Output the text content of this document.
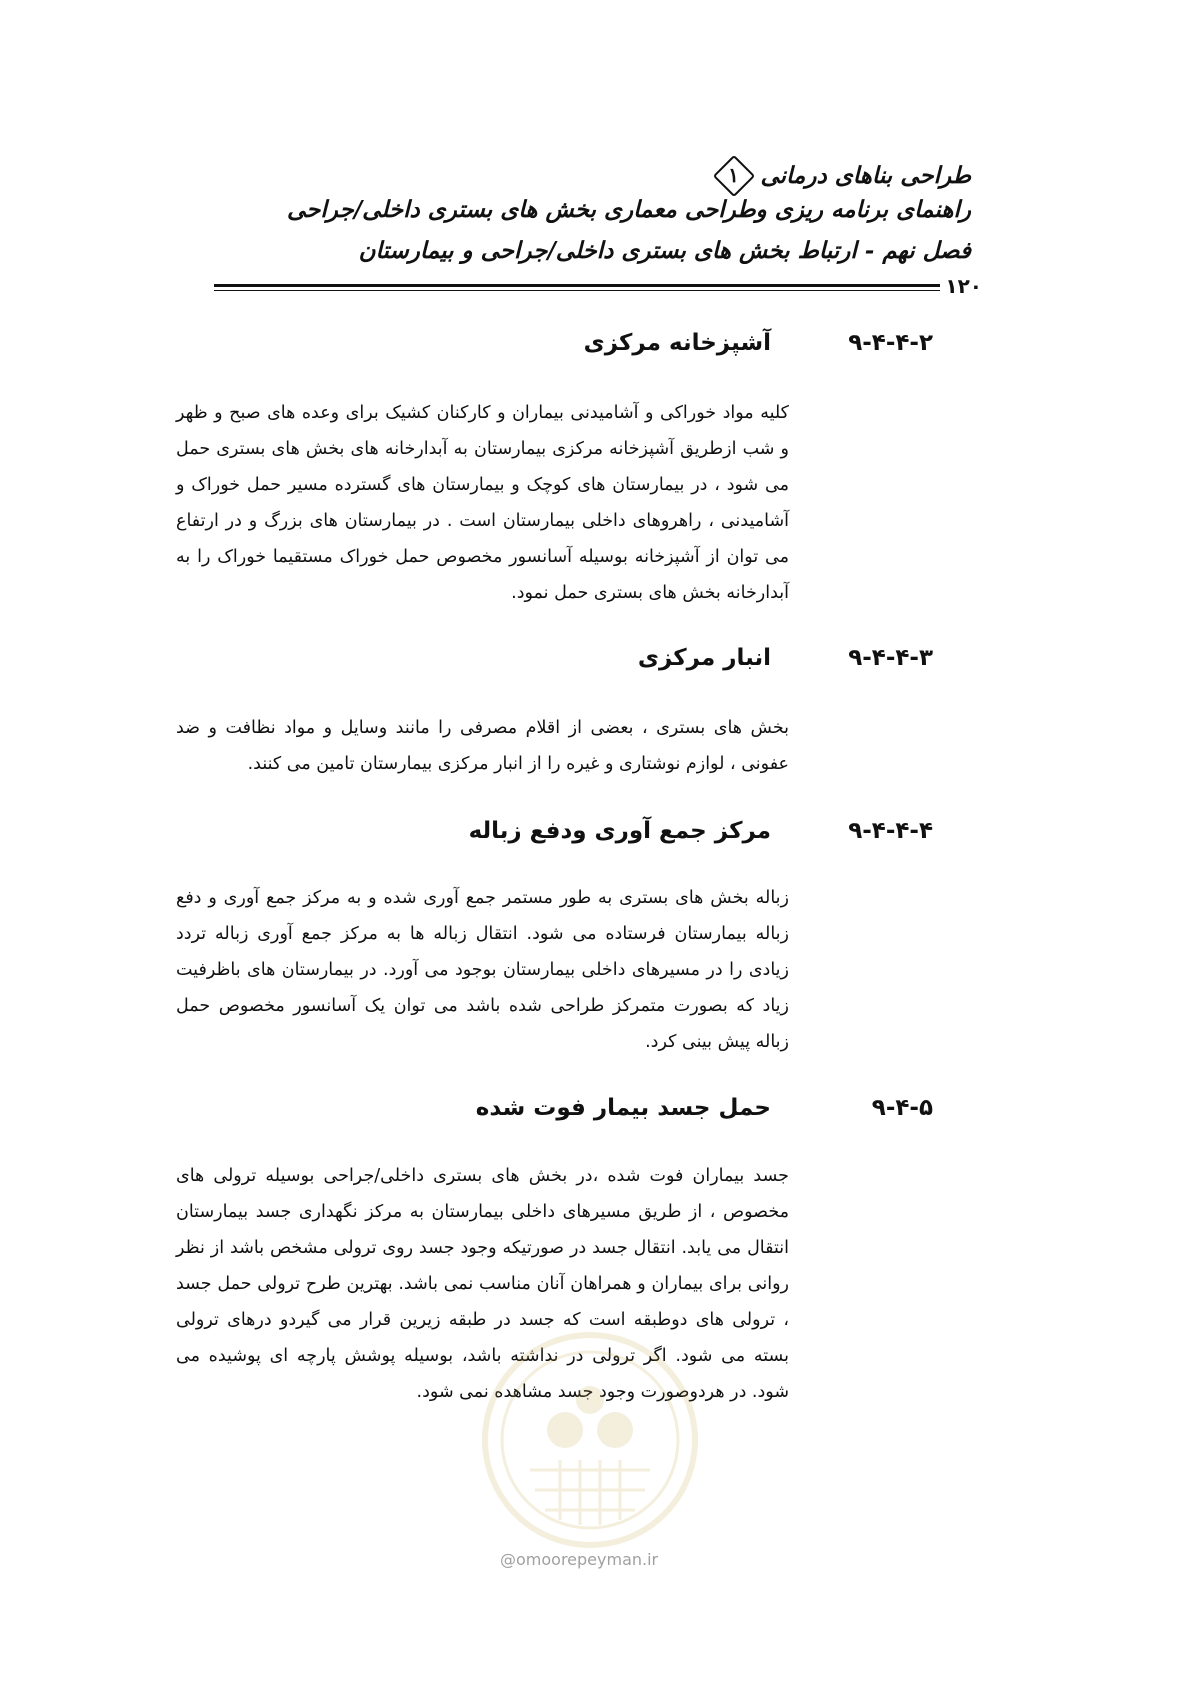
طراحی بناهای درمانی
۱
راهنمای برنامه ریزی وطراحی معماری بخش های بستری داخلی/جراحی
فصل نهم - ارتباط بخش های بستری داخلی/جراحی و بیمارستان
۱۲۰
۹-۴-۴-۲
آشپزخانه مرکزی
کلیه مواد خوراکی و آشامیدنی بیماران و کارکنان کشیک برای وعده های صبح و ظهر و شب ازطریق آشپزخانه مرکزی بیمارستان به آبدارخانه های بخش های بستری حمل می شود ، در بیمارستان های کوچک و بیمارستان های گسترده مسیر حمل خوراک و آشامیدنی ، راهروهای داخلی بیمارستان است . در بیمارستان های بزرگ و در ارتفاع می توان از آشپزخانه بوسیله آسانسور مخصوص حمل خوراک مستقیما خوراک را به آبدارخانه بخش های بستری حمل نمود.
۹-۴-۴-۳
انبار مرکزی
بخش های بستری ، بعضی از اقلام مصرفی را مانند وسایل و مواد نظافت و ضد عفونی ، لوازم نوشتاری و غیره را از انبار مرکزی بیمارستان تامین می کنند.
۹-۴-۴-۴
مرکز جمع آوری ودفع زباله
زباله بخش های بستری به طور مستمر جمع آوری شده و به مرکز جمع آوری و دفع زباله بیمارستان فرستاده می شود. انتقال زباله ها به مرکز جمع آوری زباله تردد زیادی را در مسیرهای داخلی بیمارستان بوجود می آورد. در بیمارستان های باظرفیت زیاد که بصورت متمرکز طراحی شده باشد می توان یک آسانسور مخصوص حمل زباله پیش بینی کرد.
۹-۴-۵
حمل جسد بیمار فوت شده
جسد بیماران فوت شده ،در بخش های بستری داخلی/جراحی بوسیله ترولی های مخصوص ، از طریق مسیرهای داخلی بیمارستان به مرکز نگهداری جسد بیمارستان انتقال می یابد. انتقال جسد در صورتیکه وجود جسد روی ترولی مشخص باشد از نظر روانی برای بیماران و همراهان آنان مناسب نمی باشد. بهترین طرح ترولی حمل جسد ، ترولی های دوطبقه است که جسد در طبقه زیرین قرار می گیردو درهای ترولی بسته می شود. اگر ترولی در نداشته باشد، بوسیله پوشش پارچه ای پوشیده می شود. در هردوصورت وجود جسد مشاهده نمی شود.
@omoorepeyman.ir
